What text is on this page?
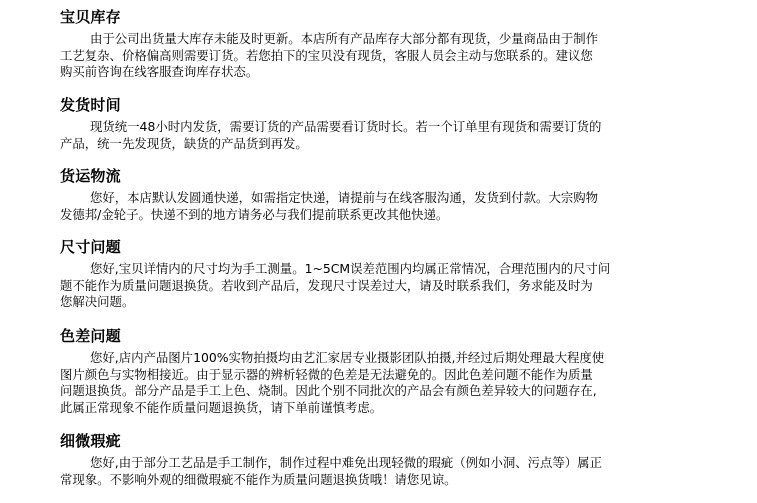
宝贝库存
由于公司出货量大库存未能及时更新。本店所有产品库存大部分都有现货，少量商品由于制作
工艺复杂、价格偏高则需要订货。若您拍下的宝贝没有现货，客服人员会主动与您联系的。建议您
购买前咨询在线客服查询库存状态。
发货时间
现货统一48小时内发货，需要订货的产品需要看订货时长。若一个订单里有现货和需要订货的
产品，统一先发现货，缺货的产品货到再发。
货运物流
您好，本店默认发圆通快递，如需指定快递，请提前与在线客服沟通，发货到付款。大宗购物
发德邦/金轮子。快递不到的地方请务必与我们提前联系更改其他快递。
尺寸问题
您好,宝贝详情内的尺寸均为手工测量。1~5CM误差范围内均属正常情况，合理范围内的尺寸问
题不能作为质量问题退换货。若收到产品后，发现尺寸误差过大，请及时联系我们，务求能及时为
您解决问题。
色差问题
您好,店内产品图片100%实物拍摄均由艺汇家居专业摄影团队拍摄,并经过后期处理最大程度使
图片颜色与实物相接近。由于显示器的辨析轻微的色差是无法避免的。因此色差问题不能作为质量
问题退换货。部分产品是手工上色、烧制。因此个别不同批次的产品会有颜色差异较大的问题存在,
此属正常现象不能作质量问题退换货，请下单前谨慎考虑。
细微瑕疵
您好,由于部分工艺品是手工制作，制作过程中难免出现轻微的瑕疵（例如小洞、污点等）属正
常现象。不影响外观的细微瑕疵不能作为质量问题退换货哦！请您见谅。
